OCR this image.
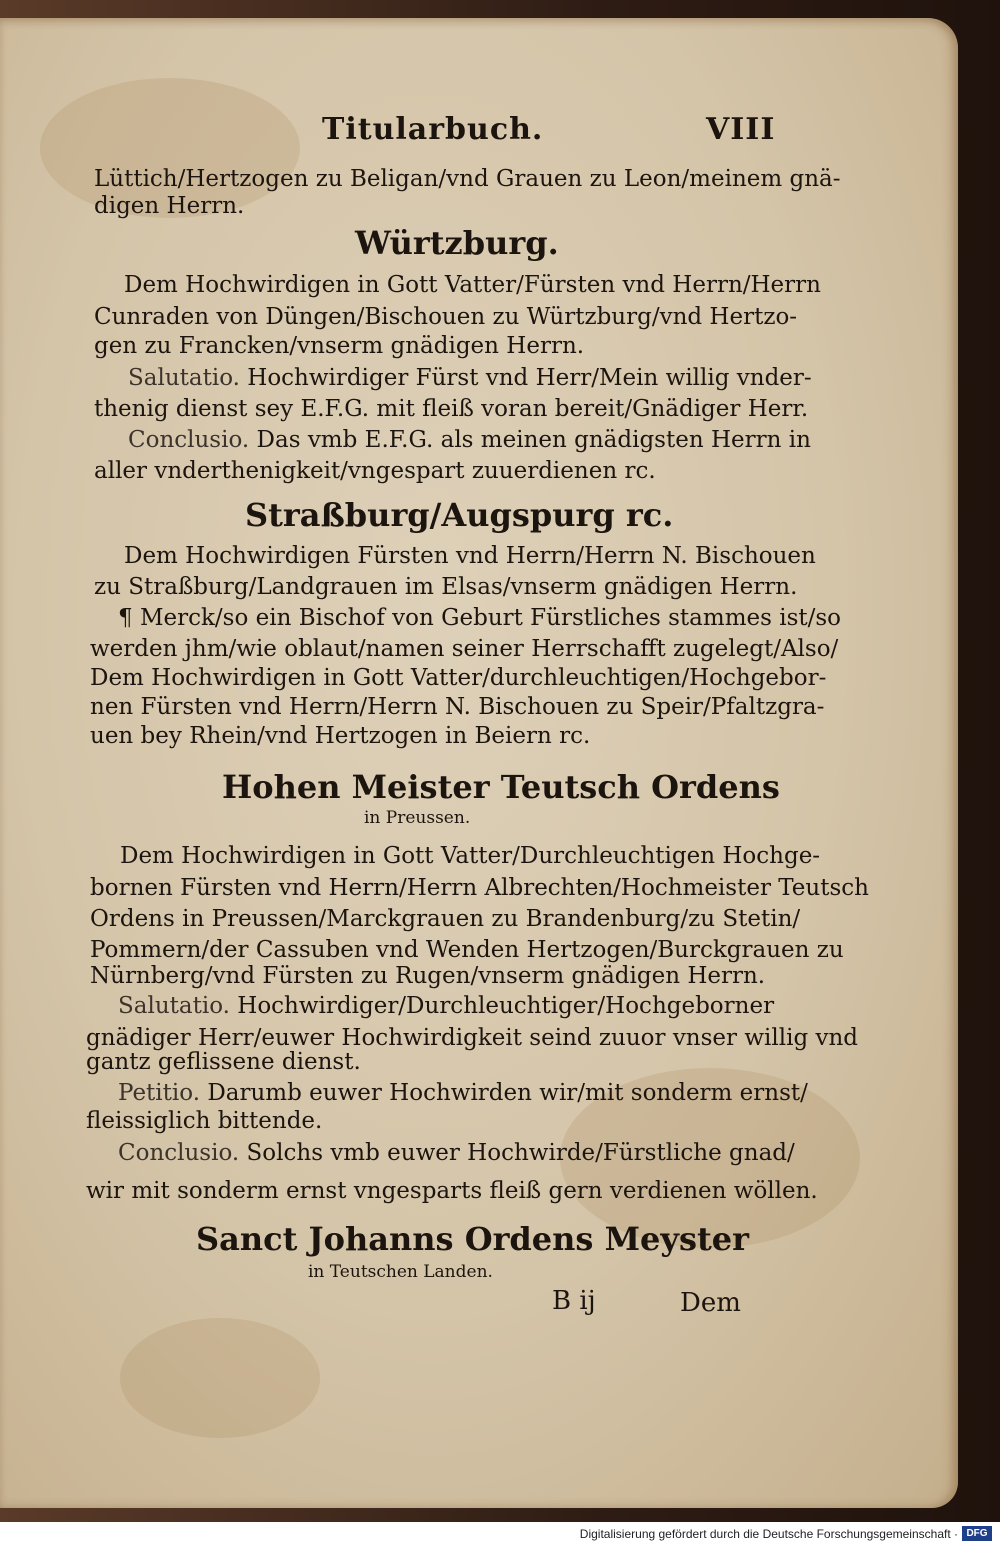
Titularbuch.	VIII
Lüttich/Hertzogen zu Beligan/vnd Grauen zu Leon/meinem gnä-
digen Herrn.
Würtzburg.
Dem Hochwirdigen in Gott Vatter/Fürsten vnd Herrn/Herrn
Cunraden von Düngen/Bischouen zu Würtzburg/vnd Hertzo-
gen zu Francken/vnserm gnädigen Herrn.
Salutatio. Hochwirdiger Fürst vnd Herr/Mein willig vnder-
thenig dienst sey E.F.G. mit fleiß voran bereit/Gnädiger Herr.
Conclusio. Das vmb E.F.G. als meinen gnädigsten Herrn in
aller vnderthenigkeit/vngespart zuuerdienen rc.
Straßburg/Augspurg rc.
Dem Hochwirdigen Fürsten vnd Herrn/Herrn N. Bischouen
zu Straßburg/Landgrauen im Elsas/vnserm gnädigen Herrn.
¶ Merck/so ein Bischof von Geburt Fürstliches stammes ist/so
werden jhm/wie oblaut/namen seiner Herrschafft zugelegt/Also/
Dem Hochwirdigen in Gott Vatter/durchleuchtigen/Hochgebor-
nen Fürsten vnd Herrn/Herrn N. Bischouen zu Speir/Pfaltzgra-
uen bey Rhein/vnd Hertzogen in Beiern rc.
Hohen Meister Teutsch Ordens
in Preussen.
Dem Hochwirdigen in Gott Vatter/Durchleuchtigen Hochge-
bornen Fürsten vnd Herrn/Herrn Albrechten/Hochmeister Teutsch
Ordens in Preussen/Marckgrauen zu Brandenburg/zu Stetin/
Pommern/der Cassuben vnd Wenden Hertzogen/Burckgrauen zu
Nürnberg/vnd Fürsten zu Rugen/vnserm gnädigen Herrn.
Salutatio. Hochwirdiger/Durchleuchtiger/Hochgeborner
gnädiger Herr/euwer Hochwirdigkeit seind zuuor vnser willig vnd
gantz geflissene dienst.
Petitio. Darumb euwer Hochwirden wir/mit sonderm ernst/
fleissiglich bittende.
Conclusio. Solchs vmb euwer Hochwirde/Fürstliche gnad/
wir mit sonderm ernst vngesparts fleiß gern verdienen wöllen.
Sanct Johanns Ordens Meyster
in Teutschen Landen.
B ij	Dem
Digitalisierung gefördert durch die Deutsche Forschungsgemeinschaft · DFG
